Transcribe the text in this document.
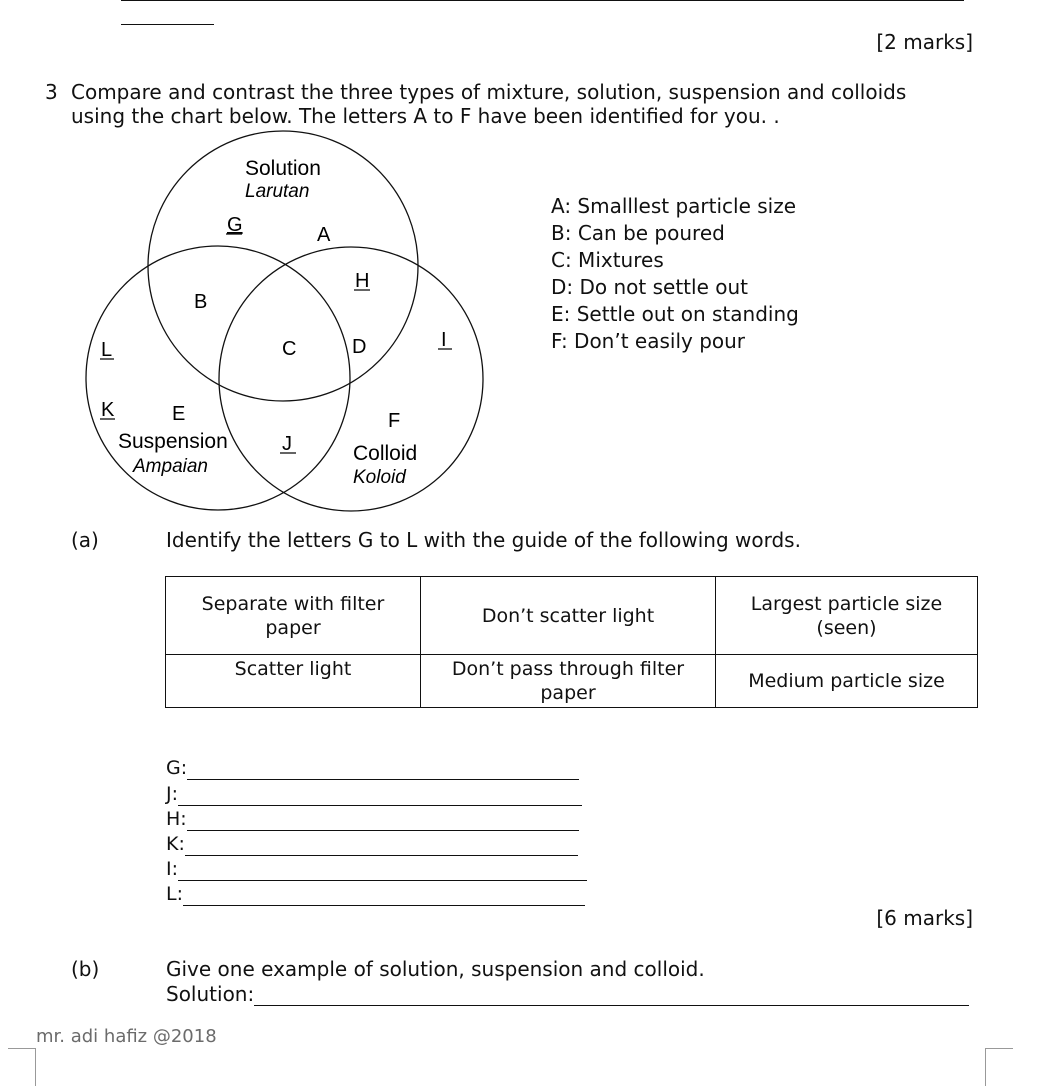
[2 marks]
3 Compare and contrast the three types of mixture, solution, suspension and colloids
using the chart below. The letters A to F have been identified for you. .
Solution
Larutan
Suspension
Ampaian
Colloid
Koloid
A
B
C	D
E	F
G
H
I
J
K
L
A: Smalllest particle size
B: Can be poured
C: Mixtures
D: Do not settle out
E: Settle out on standing
F: Don’t easily pour
(a)	Identify the letters G to L with the guide of the following words.
Separate with filter paper	Don’t scatter light	Largest particle size (seen)
Scatter light	Don’t pass through filter paper	Medium particle size
G:
J:
H:
K:
I:
L:
[6 marks]
(b)	Give one example of solution, suspension and colloid.
Solution:
mr. adi hafiz @2018
